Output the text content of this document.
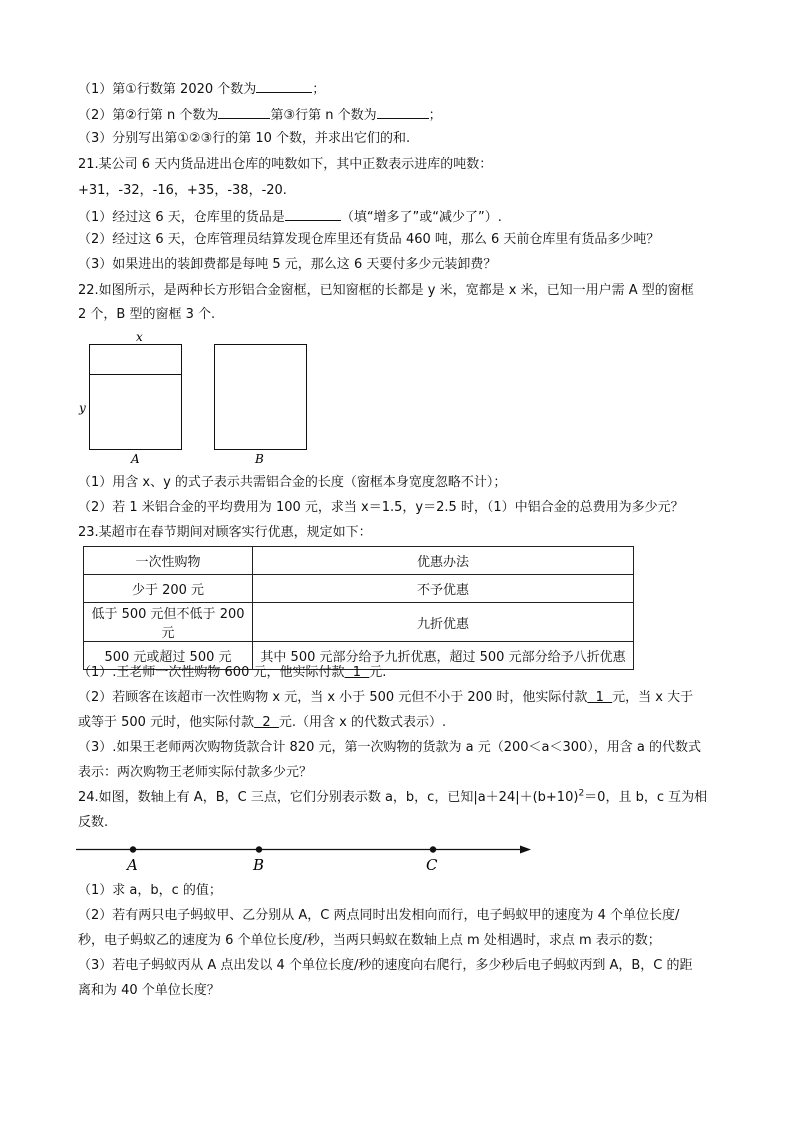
（1）第①行数第 2020 个数为	；
（2）第②行第 n 个数为	第③行第 n 个数为	；
（3）分别写出第①②③行的第 10 个数，并求出它们的和.
21.某公司 6 天内货品进出仓库的吨数如下，其中正数表示进库的吨数：
+31，-32，-16，+35，-38，-20.
（1）经过这 6 天，仓库里的货品是	（填“增多了”或“减少了”）.
（2）经过这 6 天，仓库管理员结算发现仓库里还有货品 460 吨，那么 6 天前仓库里有货品多少吨？
（3）如果进出的装卸费都是每吨 5 元，那么这 6 天要付多少元装卸费？
22.如图所示，是两种长方形铝合金窗框，已知窗框的长都是 y 米，宽都是 x 米，已知一用户需 A 型的窗框
2 个，B 型的窗框 3 个.
x
y
A	B
（1）用含 x、y 的式子表示共需铝合金的长度（窗框本身宽度忽略不计）；
（2）若 1 米铝合金的平均费用为 100 元，求当 x＝1.5，y＝2.5 时，（1）中铝合金的总费用为多少元？
23.某超市在春节期间对顾客实行优惠，规定如下：
一次性购物	优惠办法
少于 200 元	不予优惠
低于 500 元但不低于 200 元	九折优惠
500 元或超过 500 元	其中 500 元部分给予九折优惠，超过 500 元部分给予八折优惠
（1）.王老师一次性购物 600 元，他实际付款  1  元.
（2）若顾客在该超市一次性购物 x 元，当 x 小于 500 元但不小于 200 时，他实际付款  1  元，当 x 大于
或等于 500 元时，他实际付款  2  元.（用含 x 的代数式表示）.
（3）.如果王老师两次购物货款合计 820 元，第一次购物的货款为 a 元（200＜a＜300），用含 a 的代数式
表示：两次购物王老师实际付款多少元？
24.如图，数轴上有 A，B，C 三点，它们分别表示数 a，b，c，已知$|a+24|+(b+10)^2=0$，且 b，c 互为相
反数.
A	B	C
（1）求 a，b，c 的值；
（2）若有两只电子蚂蚁甲、乙分别从 A，C 两点同时出发相向而行，电子蚂蚁甲的速度为 4 个单位长度/
秒，电子蚂蚁乙的速度为 6 个单位长度/秒，当两只蚂蚁在数轴上点 m 处相遇时，求点 m 表示的数；
（3）若电子蚂蚁丙从 A 点出发以 4 个单位长度/秒的速度向右爬行，多少秒后电子蚂蚁丙到 A，B，C 的距
离和为 40 个单位长度？
